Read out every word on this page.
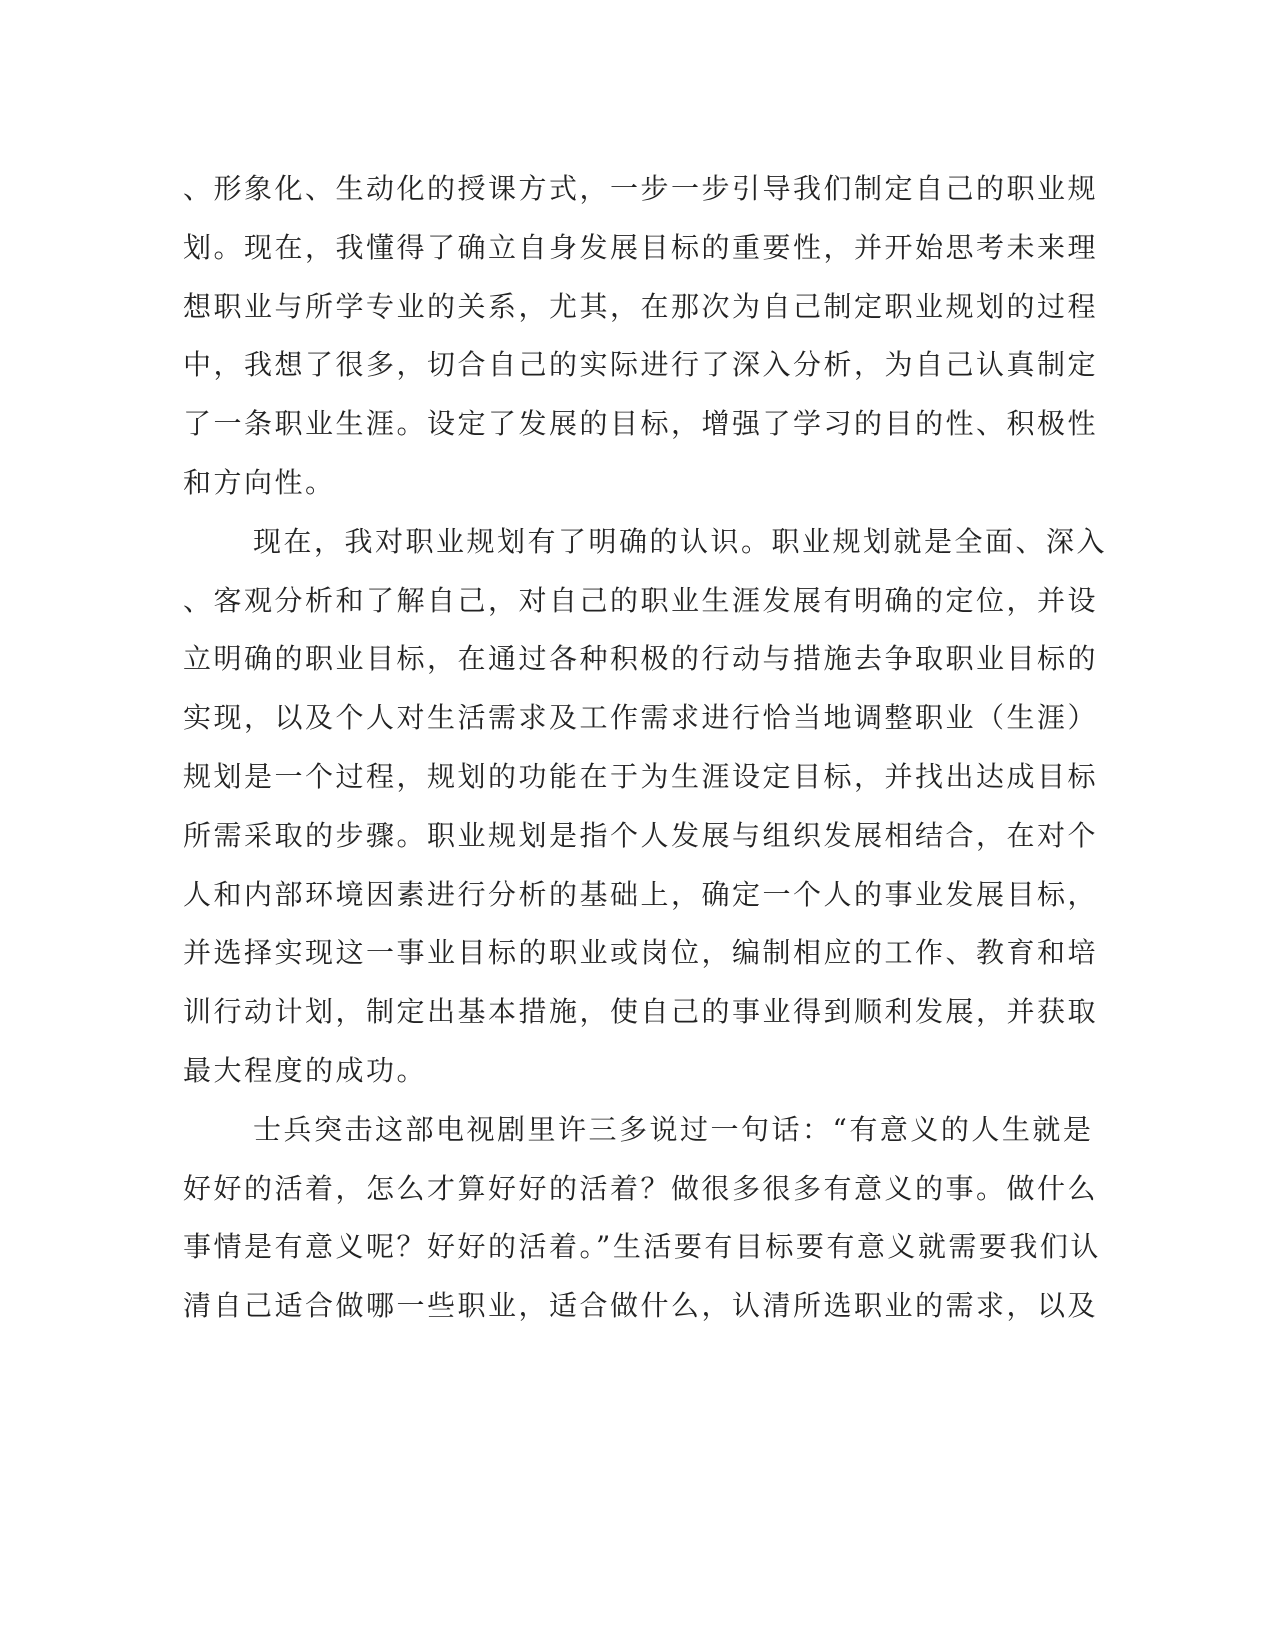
、形象化、生动化的授课方式，一步一步引导我们制定自己的职业规
划。现在，我懂得了确立自身发展目标的重要性，并开始思考未来理
想职业与所学专业的关系，尤其，在那次为自己制定职业规划的过程
中，我想了很多，切合自己的实际进行了深入分析，为自己认真制定
了一条职业生涯。设定了发展的目标，增强了学习的目的性、积极性
和方向性。
现在，我对职业规划有了明确的认识。职业规划就是全面、深入
、客观分析和了解自己，对自己的职业生涯发展有明确的定位，并设
立明确的职业目标，在通过各种积极的行动与措施去争取职业目标的
实现，以及个人对生活需求及工作需求进行恰当地调整职业（生涯）
规划是一个过程，规划的功能在于为生涯设定目标，并找出达成目标
所需采取的步骤。职业规划是指个人发展与组织发展相结合，在对个
人和内部环境因素进行分析的基础上，确定一个人的事业发展目标，
并选择实现这一事业目标的职业或岗位，编制相应的工作、教育和培
训行动计划，制定出基本措施，使自己的事业得到顺利发展，并获取
最大程度的成功。
士兵突击这部电视剧里许三多说过一句话：“有意义的人生就是
好好的活着，怎么才算好好的活着？做很多很多有意义的事。做什么
事情是有意义呢？好好的活着。”生活要有目标要有意义就需要我们认
清自己适合做哪一些职业，适合做什么，认清所选职业的需求，以及
